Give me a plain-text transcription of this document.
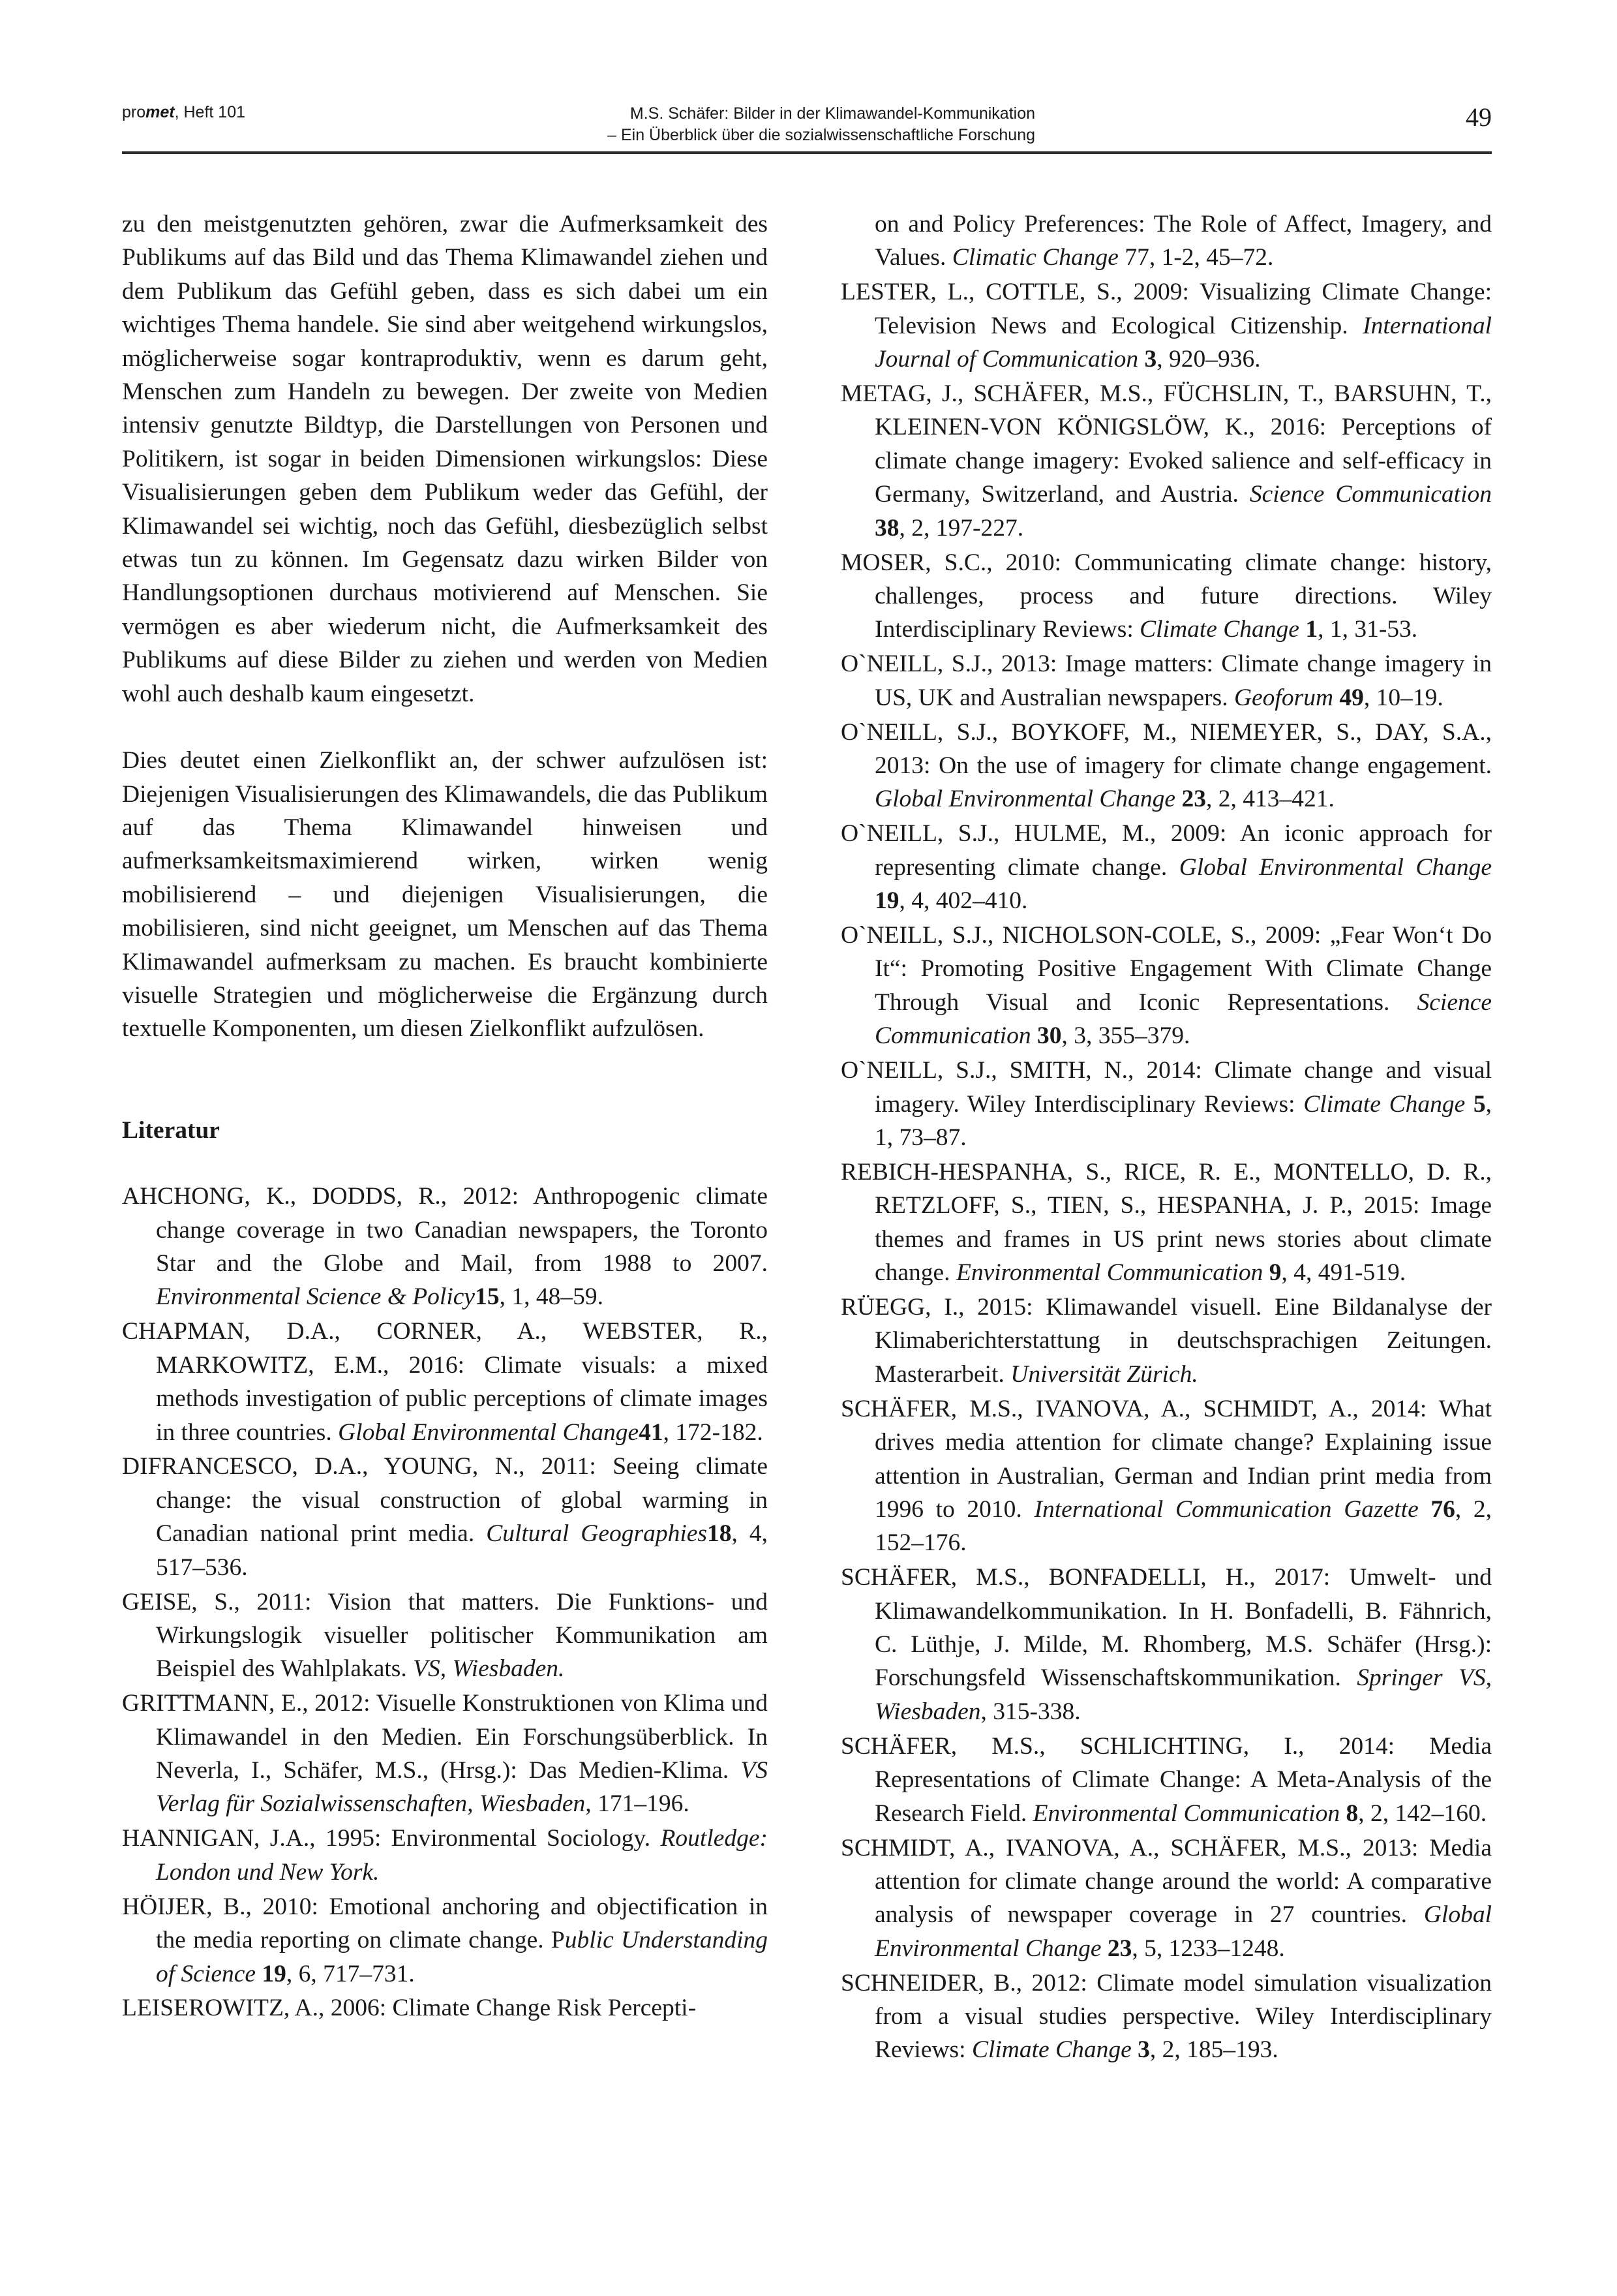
promet, Heft 101	M.S. Schäfer: Bilder in der Klimawandel-Kommunikation
– Ein Überblick über die sozialwissenschaftliche Forschung
49

zu den meistgenutzten gehören, zwar die Aufmerksamkeit des Publikums auf das Bild und das Thema Klimawandel ziehen und dem Publikum das Gefühl geben, dass es sich dabei um ein wichtiges Thema handele. Sie sind aber weitgehend wirkungslos, möglicherweise sogar kontraproduktiv, wenn es darum geht, Menschen zum Handeln zu bewegen. Der zweite von Medien intensiv genutzte Bildtyp, die Darstellungen von Personen und Politikern, ist sogar in beiden Dimensionen wirkungslos: Diese Visualisierungen geben dem Publikum weder das Gefühl, der Klimawandel sei wichtig, noch das Gefühl, diesbezüglich selbst etwas tun zu können. Im Gegensatz dazu wirken Bilder von Handlungsoptionen durchaus motivierend auf Menschen. Sie vermögen es aber wiederum nicht, die Aufmerksamkeit des Publikums auf diese Bilder zu ziehen und werden von Medien wohl auch deshalb kaum eingesetzt.

Dies deutet einen Zielkonflikt an, der schwer aufzulösen ist: Diejenigen Visualisierungen des Klimawandels, die das Publikum auf das Thema Klimawandel hinweisen und aufmerksamkeitsmaximierend wirken, wirken wenig mobilisierend – und diejenigen Visualisierungen, die mobilisieren, sind nicht geeignet, um Menschen auf das Thema Klimawandel aufmerksam zu machen. Es braucht kombinierte visuelle Strategien und möglicherweise die Ergänzung durch textuelle Komponenten, um diesen Zielkonflikt aufzulösen.

Literatur

AHCHONG, K., DODDS, R., 2012: Anthropogenic climate change coverage in two Canadian newspapers, the Toronto Star and the Globe and Mail, from 1988 to 2007. Environmental Science & Policy15, 1, 48–59.

CHAPMAN, D.A., CORNER, A., WEBSTER, R., MARKOWITZ, E.M., 2016: Climate visuals: a mixed methods investigation of public perceptions of climate images in three countries. Global Environmental Change41, 172-182.

DIFRANCESCO, D.A., YOUNG, N., 2011: Seeing climate change: the visual construction of global warming in Canadian national print media. Cultural Geographies18, 4, 517–536.

GEISE, S., 2011: Vision that matters. Die Funktions- und Wirkungslogik visueller politischer Kommunikation am Beispiel des Wahlplakats. VS, Wiesbaden.

GRITTMANN, E., 2012: Visuelle Konstruktionen von Klima und Klimawandel in den Medien. Ein Forschungsüberblick. In Neverla, I., Schäfer, M.S., (Hrsg.): Das Medien-Klima. VS Verlag für Sozialwissenschaften, Wiesbaden, 171–196.

HANNIGAN, J.A., 1995: Environmental Sociology. Routledge: London und New York.

HÖIJER, B., 2010: Emotional anchoring and objectification in the media reporting on climate change. Public Understanding of Science 19, 6, 717–731.

LEISEROWITZ, A., 2006: Climate Change Risk Percepti-

on and Policy Preferences: The Role of Affect, Imagery, and Values. Climatic Change 77, 1-2, 45–72.

LESTER, L., COTTLE, S., 2009: Visualizing Climate Change: Television News and Ecological Citizenship. International Journal of Communication 3, 920–936.

METAG, J., SCHÄFER, M.S., FÜCHSLIN, T., BARSUHN, T., KLEINEN-VON KÖNIGSLÖW, K., 2016: Perceptions of climate change imagery: Evoked salience and self-efficacy in Germany, Switzerland, and Austria. Science Communication 38, 2, 197-227.

MOSER, S.C., 2010: Communicating climate change: history, challenges, process and future directions. Wiley Interdisciplinary Reviews: Climate Change 1, 1, 31-53.

O`NEILL, S.J., 2013: Image matters: Climate change imagery in US, UK and Australian newspapers. Geoforum 49, 10–19.

O`NEILL, S.J., BOYKOFF, M., NIEMEYER, S., DAY, S.A., 2013: On the use of imagery for climate change engagement. Global Environmental Change 23, 2, 413–421.

O`NEILL, S.J., HULME, M., 2009: An iconic approach for representing climate change. Global Environmental Change 19, 4, 402–410.

O`NEILL, S.J., NICHOLSON-COLE, S., 2009: „Fear Won‘t Do It“: Promoting Positive Engagement With Climate Change Through Visual and Iconic Representations. Science Communication 30, 3, 355–379.

O`NEILL, S.J., SMITH, N., 2014: Climate change and visual imagery. Wiley Interdisciplinary Reviews: Climate Change 5, 1, 73–87.

REBICH-HESPANHA, S., RICE, R. E., MONTELLO, D. R., RETZLOFF, S., TIEN, S., HESPANHA, J. P., 2015: Image themes and frames in US print news stories about climate change. Environmental Communication 9, 4, 491-519.

RÜEGG, I., 2015: Klimawandel visuell. Eine Bildanalyse der Klimaberichterstattung in deutschsprachigen Zeitungen. Masterarbeit. Universität Zürich.

SCHÄFER, M.S., IVANOVA, A., SCHMIDT, A., 2014: What drives media attention for climate change? Explaining issue attention in Australian, German and Indian print media from 1996 to 2010. International Communication Gazette 76, 2, 152–176.

SCHÄFER, M.S., BONFADELLI, H., 2017: Umwelt- und Klimawandelkommunikation. In H. Bonfadelli, B. Fähnrich, C. Lüthje, J. Milde, M. Rhomberg, M.S. Schäfer (Hrsg.): Forschungsfeld Wissenschaftskommunikation. Springer VS, Wiesbaden, 315-338.

SCHÄFER, M.S., SCHLICHTING, I., 2014: Media Representations of Climate Change: A Meta-Analysis of the Research Field. Environmental Communication 8, 2, 142–160.

SCHMIDT, A., IVANOVA, A., SCHÄFER, M.S., 2013: Media attention for climate change around the world: A comparative analysis of newspaper coverage in 27 countries. Global Environmental Change 23, 5, 1233–1248.

SCHNEIDER, B., 2012: Climate model simulation visualization from a visual studies perspective. Wiley Interdisciplinary Reviews: Climate Change 3, 2, 185–193.
